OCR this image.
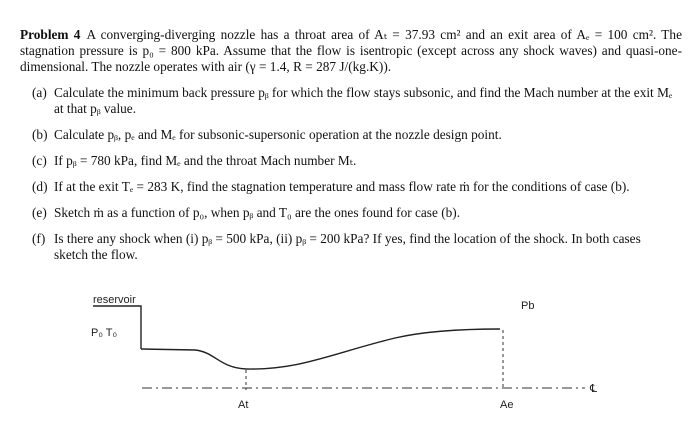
Problem 4 A converging-diverging nozzle has a throat area of Aₜ = 37.93 cm² and an exit area of Aₑ = 100 cm². The stagnation pressure is p₀ = 800 kPa. Assume that the flow is isentropic (except across any shock waves) and quasi-one-dimensional. The nozzle operates with air (γ = 1.4, R = 287 J/(kg.K)).

(a) Calculate the minimum back pressure pᵦ for which the flow stays subsonic, and find the Mach number at the exit Mₑ at that pᵦ value.
(b) Calculate pᵦ, pₑ and Mₑ for subsonic-supersonic operation at the nozzle design point.
(c) If pᵦ = 780 kPa, find Mₑ and the throat Mach number Mₜ.
(d) If at the exit Tₑ = 283 K, find the stagnation temperature and mass flow rate ṁ for the conditions of case (b).
(e) Sketch ṁ as a function of p₀, when pᵦ and T₀ are the ones found for case (b).
(f) Is there any shock when (i) pᵦ = 500 kPa, (ii) pᵦ = 200 kPa? If yes, find the location of the shock. In both cases sketch the flow.
reservoir
P₀ T₀
Pb
℄
At	Ae
